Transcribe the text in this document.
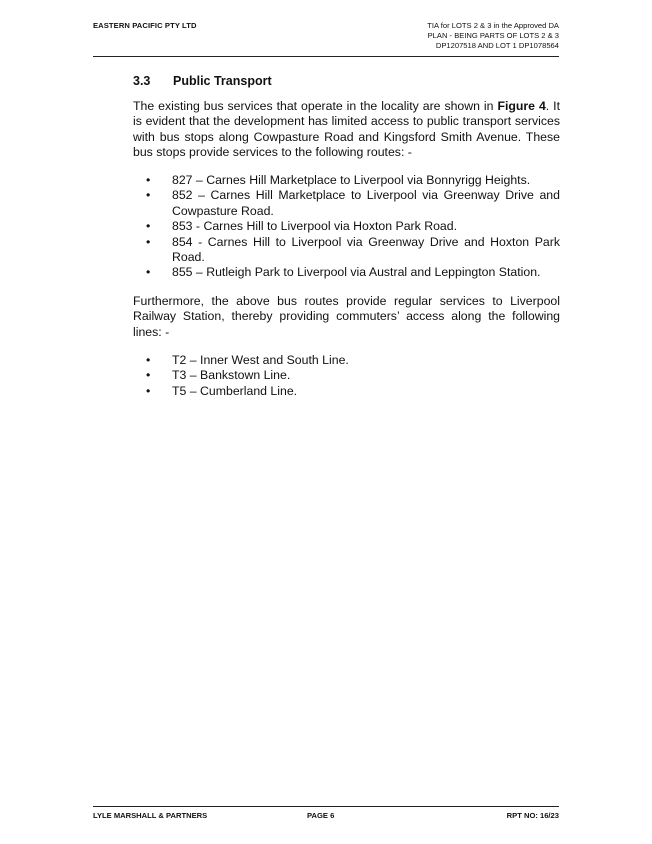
EASTERN PACIFIC PTY LTD	TIA for LOTS 2 & 3 in the Approved DA
PLAN - BEING PARTS OF LOTS 2 & 3
DP1207518 AND LOT 1 DP1078564
3.3 Public Transport
The existing bus services that operate in the locality are shown in Figure 4. It is evident that the development has limited access to public transport services with bus stops along Cowpasture Road and Kingsford Smith Avenue. These bus stops provide services to the following routes: -
• 827 – Carnes Hill Marketplace to Liverpool via Bonnyrigg Heights.
• 852 – Carnes Hill Marketplace to Liverpool via Greenway Drive and Cowpasture Road.
• 853 - Carnes Hill to Liverpool via Hoxton Park Road.
• 854 - Carnes Hill to Liverpool via Greenway Drive and Hoxton Park Road.
• 855 – Rutleigh Park to Liverpool via Austral and Leppington Station.
Furthermore, the above bus routes provide regular services to Liverpool Railway Station, thereby providing commuters’ access along the following lines: -
• T2 – Inner West and South Line.
• T3 – Bankstown Line.
• T5 – Cumberland Line.
LYLE MARSHALL & PARTNERS	PAGE 6	RPT NO: 16/23
